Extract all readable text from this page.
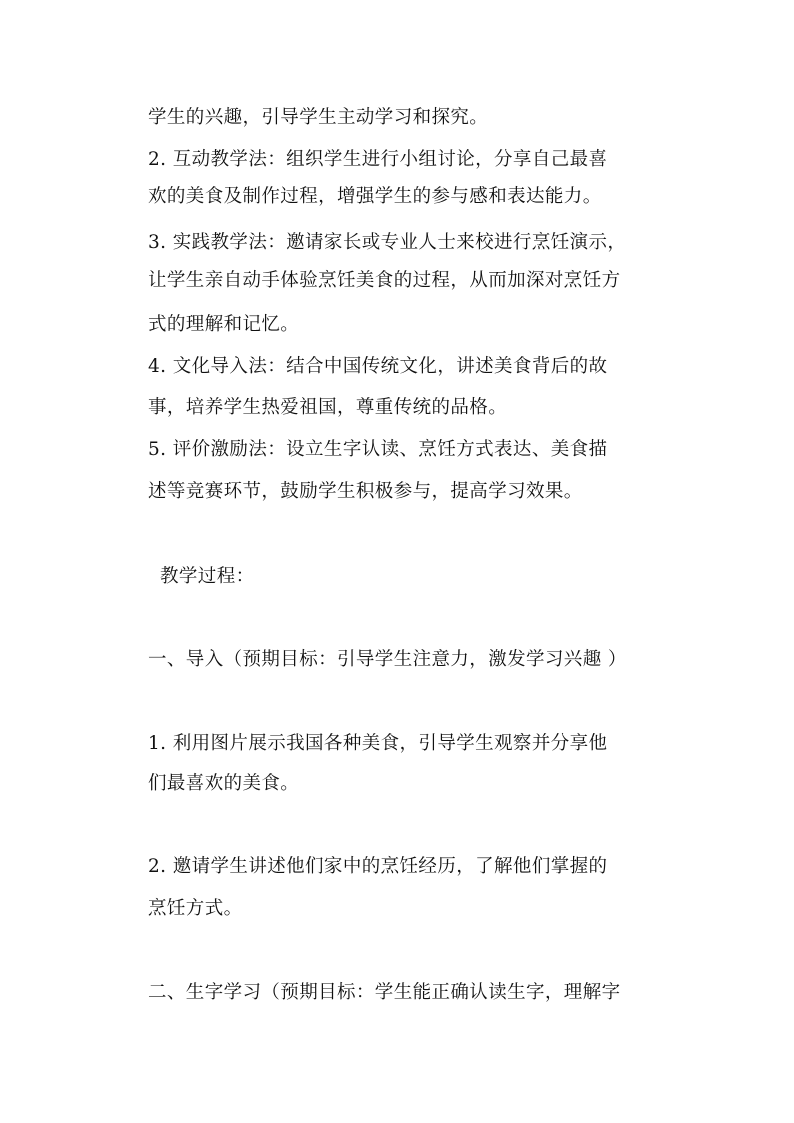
学生的兴趣，引导学生主动学习和探究。

2. 互动教学法：组织学生进行小组讨论，分享自己最喜

欢的美食及制作过程，增强学生的参与感和表达能力。

3. 实践教学法：邀请家长或专业人士来校进行烹饪演示，

让学生亲自动手体验烹饪美食的过程，从而加深对烹饪方

式的理解和记忆。

4. 文化导入法：结合中国传统文化，讲述美食背后的故

事，培养学生热爱祖国，尊重传统的品格。

5. 评价激励法：设立生字认读、烹饪方式表达、美食描

述等竞赛环节，鼓励学生积极参与，提高学习效果。

教学过程：

一、导入（预期目标：引导学生注意力，激发学习兴趣 ）

1. 利用图片展示我国各种美食，引导学生观察并分享他

们最喜欢的美食。

2. 邀请学生讲述他们家中的烹饪经历，了解他们掌握的

烹饪方式。

二、生字学习（预期目标：学生能正确认读生字，理解字
